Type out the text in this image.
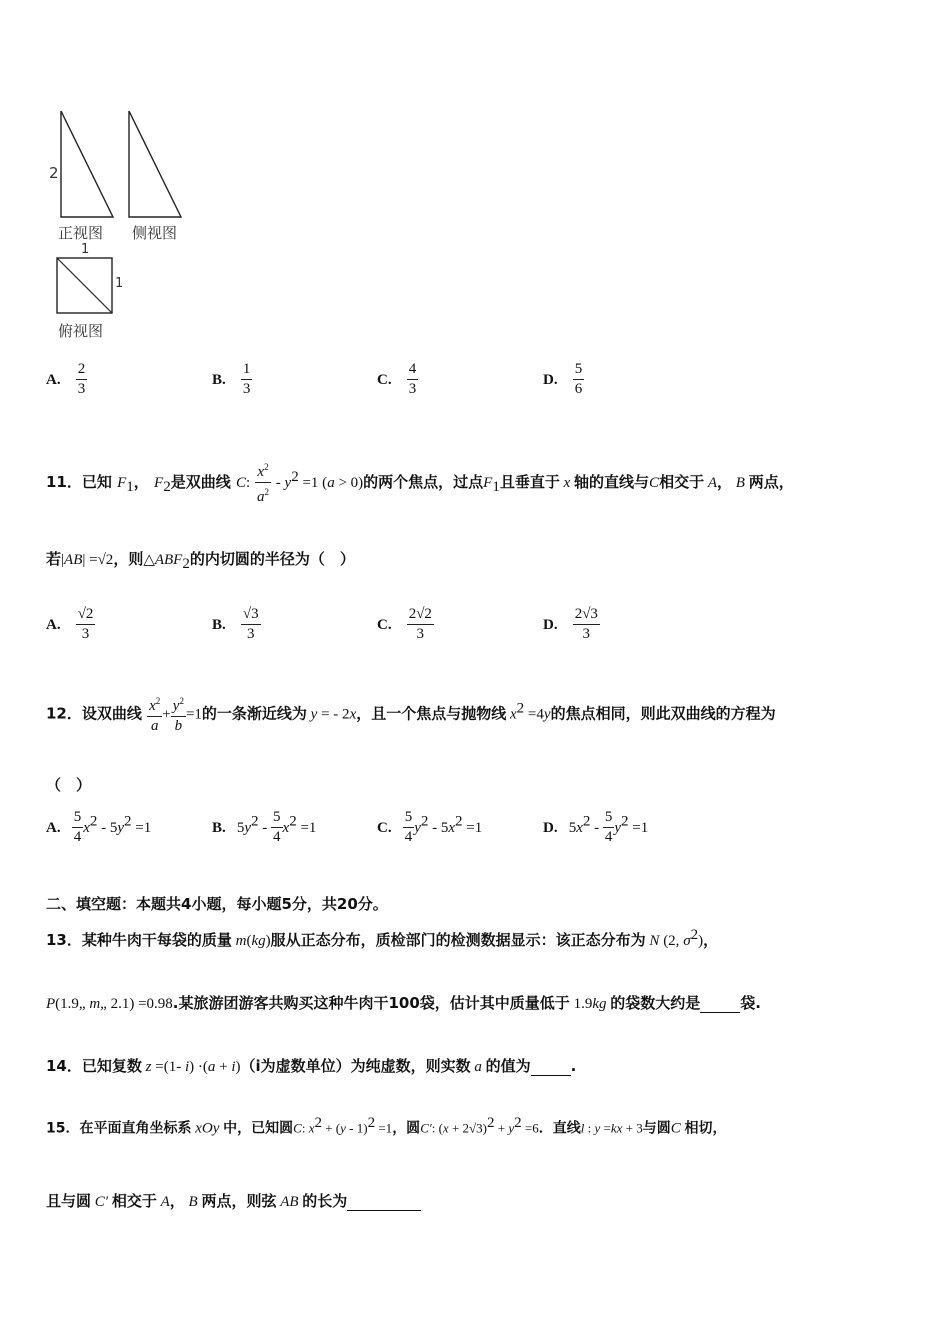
2
正视图 侧视图
1
1
俯视图
A. $\frac{2}{3}$	B. $\frac{1}{3}$	C. $\frac{4}{3}$	D. $\frac{5}{6}$
11．已知 $F_1$， $F_2$是双曲线 C: $\frac{x^2}{a^2} - y^2 =1$ (a > 0)的两个焦点，过点$F_1$且垂直于 x 轴的直线与C相交于 A， B 两点，
若|AB| =√2，则$\triangle ABF_2$的内切圆的半径为（　）
A. $\frac{√2}{3}$	B. $\frac{√3}{3}$	C. $\frac{2√2}{3}$	D. $\frac{2√3}{3}$
12．设双曲线 $\frac{x^2}{a} + \frac{y^2}{b} =1$的一条渐近线为 y = - 2x，且一个焦点与抛物线 $x^2 =4y$的焦点相同，则此双曲线的方程为
（　）
A. $\frac{5}{4} x^2 - 5y^2 =1$	B. $5y^2 - \frac{5}{4} x^2 =1$	C. $\frac{5}{4} y^2 - 5x^2 =1$	D. $5x^2 - \frac{5}{4} y^2 =1$
二、填空题：本题共4小题，每小题5分，共20分。
13．某种牛肉干每袋的质量 m(kg)服从正态分布，质检部门的检测数据显示：该正态分布为 N (2, $\sigma^2$)，
P(1.9„ m„ 2.1) =0.98.某旅游团游客共购买这种牛肉干100袋，估计其中质量低于 1.9kg 的袋数大约是	袋.
14．已知复数 z =(1- i) ·(a + i)（i为虚数单位）为纯虚数，则实数 a 的值为	.
15．在平面直角坐标系 xOy 中，已知圆C: $x^2 + (y - 1)^2 =1$，圆C′: $(x + 2√3)^2 + y^2 =6$．直线l : y =kx + 3与圆C 相切，
且与圆 C′ 相交于 A， B 两点，则弦 AB 的长为
